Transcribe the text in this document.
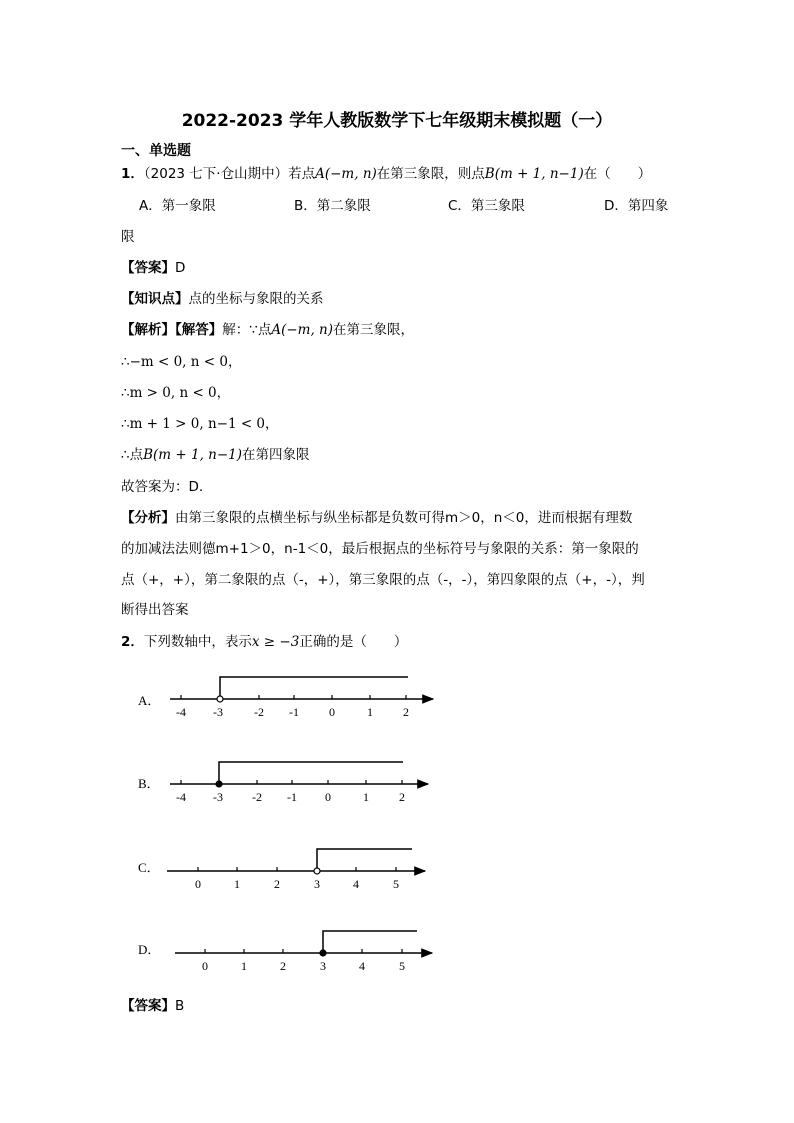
2022-2023 学年人教版数学下七年级期末模拟题（一）
一、单选题
1．（2023 七下·仓山期中）若点A(−m, n)在第三象限，则点B(m + 1, n−1)在（　　）
A．第一象限	B．第二象限	C．第三象限	D．第四象
限
【答案】D
【知识点】点的坐标与象限的关系
【解析】【解答】解：∵点A(−m, n)在第三象限，
∴−m < 0, n < 0，
∴m > 0, n < 0，
∴m + 1 > 0, n−1 < 0，
∴点B(m + 1, n−1)在第四象限
故答案为：D.
【分析】由第三象限的点横坐标与纵坐标都是负数可得m＞0，n＜0，进而根据有理数
的加减法法则德m+1＞0，n-1＜0，最后根据点的坐标符号与象限的关系：第一象限的
点（+，+），第二象限的点（-，+），第三象限的点（-，-），第四象限的点（+，-），判
断得出答案
2．下列数轴中，表示x ≥ −3正确的是（　　）
A．
-4 -3	-2 -1	0	1	2
B．
-4 -3 -2 -1 0	1	2
C．
0	1	2	3	4	5
D．
0	1	2	3	4	5
【答案】B
